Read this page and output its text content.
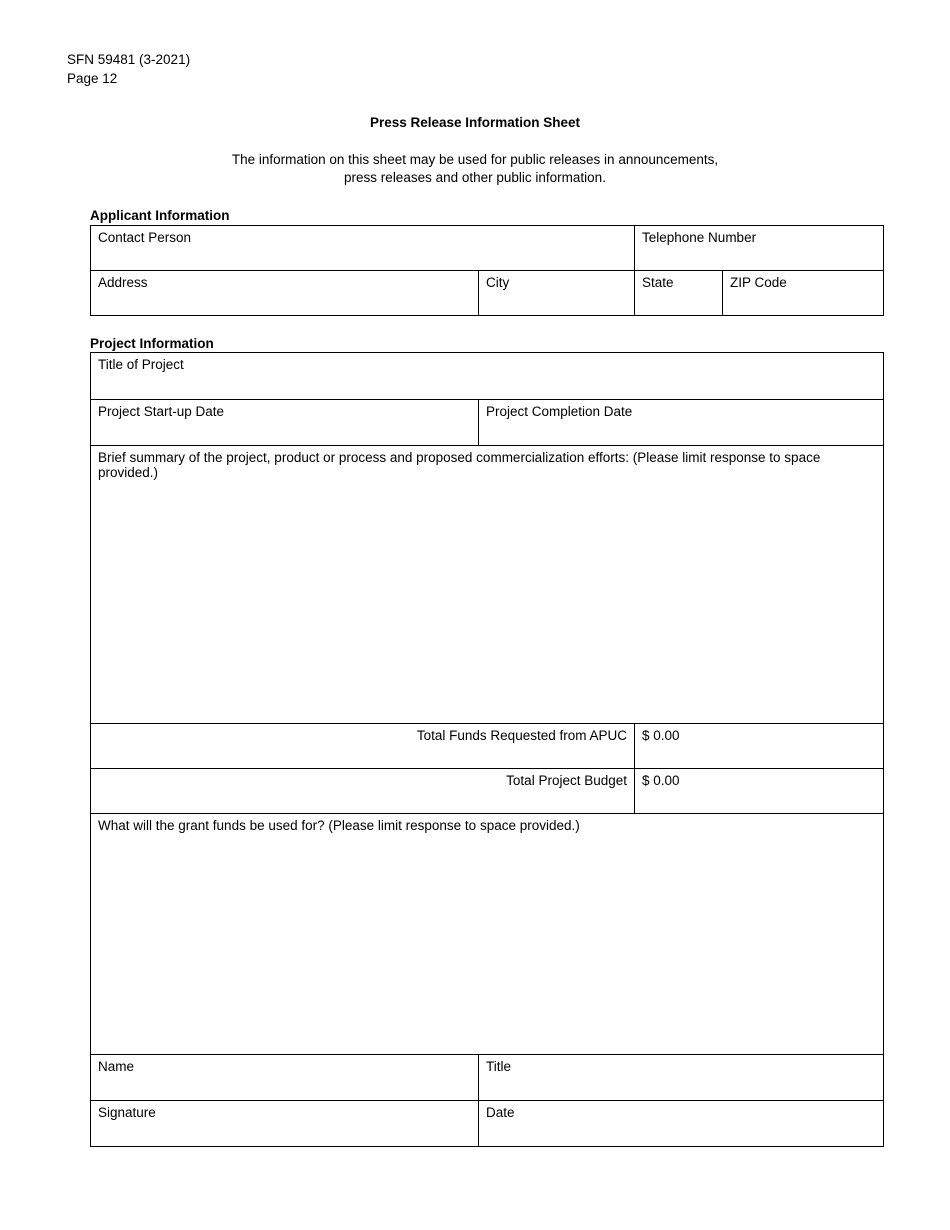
SFN 59481 (3-2021)
Page 12
Press Release Information Sheet
The information on this sheet may be used for public releases in announcements,
press releases and other public information.
Applicant Information
Contact Person		Telephone Number	
Address	City	State	ZIP Code
Project Information
Title of Project		
Project Start-up Date	Project Completion Date	
Brief summary of the project, product or process and proposed commercialization efforts: (Please limit response to space provided.)		
Total Funds Requested from APUC		$ 0.00
Total Project Budget		$ 0.00
What will the grant funds be used for? (Please limit response to space provided.)		
Name	Title	
Signature	Date	
